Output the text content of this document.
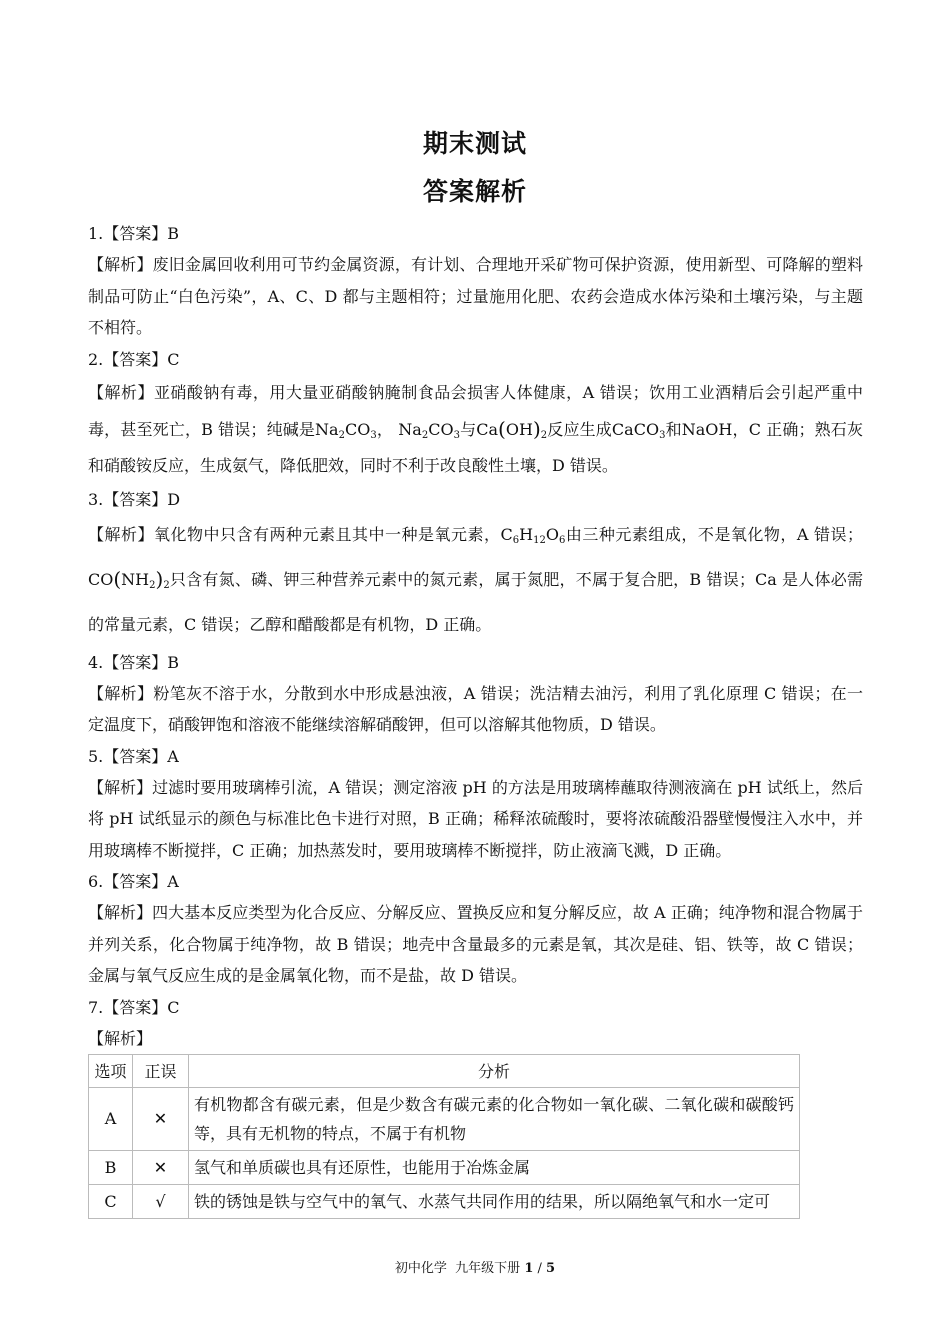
期末测试
答案解析
1.【答案】B
【解析】废旧金属回收利用可节约金属资源，有计划、合理地开采矿物可保护资源，使用新型、可降解的塑料制品可防止“白色污染”，A、C、D 都与主题相符；过量施用化肥、农药会造成水体污染和土壤污染，与主题不相符。
2.【答案】C
【解析】亚硝酸钠有毒，用大量亚硝酸钠腌制食品会损害人体健康，A 错误；饮用工业酒精后会引起严重中毒，甚至死亡，B 错误；纯碱是$Na_2CO_3$， $Na_2CO_3$与$Ca(OH)_2$反应生成CaCO$_3$和NaOH，C 正确；熟石灰和硝酸铵反应，生成氨气，降低肥效，同时不利于改良酸性土壤，D 错误。
3.【答案】D
【解析】氧化物中只含有两种元素且其中一种是氧元素，$C_6H_{12}O_6$由三种元素组成，不是氧化物，A 错误；$CO(NH_2)_2$只含有氮、磷、钾三种营养元素中的氮元素，属于氮肥，不属于复合肥，B 错误；Ca 是人体必需的常量元素，C 错误；乙醇和醋酸都是有机物，D 正确。
4.【答案】B
【解析】粉笔灰不溶于水，分散到水中形成悬浊液，A 错误；洗洁精去油污，利用了乳化原理 C 错误；在一定温度下，硝酸钾饱和溶液不能继续溶解硝酸钾，但可以溶解其他物质，D 错误。
5.【答案】A
【解析】过滤时要用玻璃棒引流，A 错误；测定溶液 pH 的方法是用玻璃棒蘸取待测液滴在 pH 试纸上，然后将 pH 试纸显示的颜色与标准比色卡进行对照，B 正确；稀释浓硫酸时，要将浓硫酸沿器壁慢慢注入水中，并用玻璃棒不断搅拌，C 正确；加热蒸发时，要用玻璃棒不断搅拌，防止液滴飞溅，D 正确。
6.【答案】A
【解析】四大基本反应类型为化合反应、分解反应、置换反应和复分解反应，故 A 正确；纯净物和混合物属于并列关系，化合物属于纯净物，故 B 错误；地壳中含量最多的元素是氧，其次是硅、铝、铁等，故 C 错误；金属与氧气反应生成的是金属氧化物，而不是盐，故 D 错误。
7.【答案】C
【解析】
选项	正误	分析
A	✕	有机物都含有碳元素，但是少数含有碳元素的化合物如一氧化碳、二氧化碳和碳酸钙等，具有无机物的特点，不属于有机物
B	✕	氢气和单质碳也具有还原性，也能用于冶炼金属
C	√	铁的锈蚀是铁与空气中的氧气、水蒸气共同作用的结果，所以隔绝氧气和水一定可
初中化学  九年级下册 1 / 5
